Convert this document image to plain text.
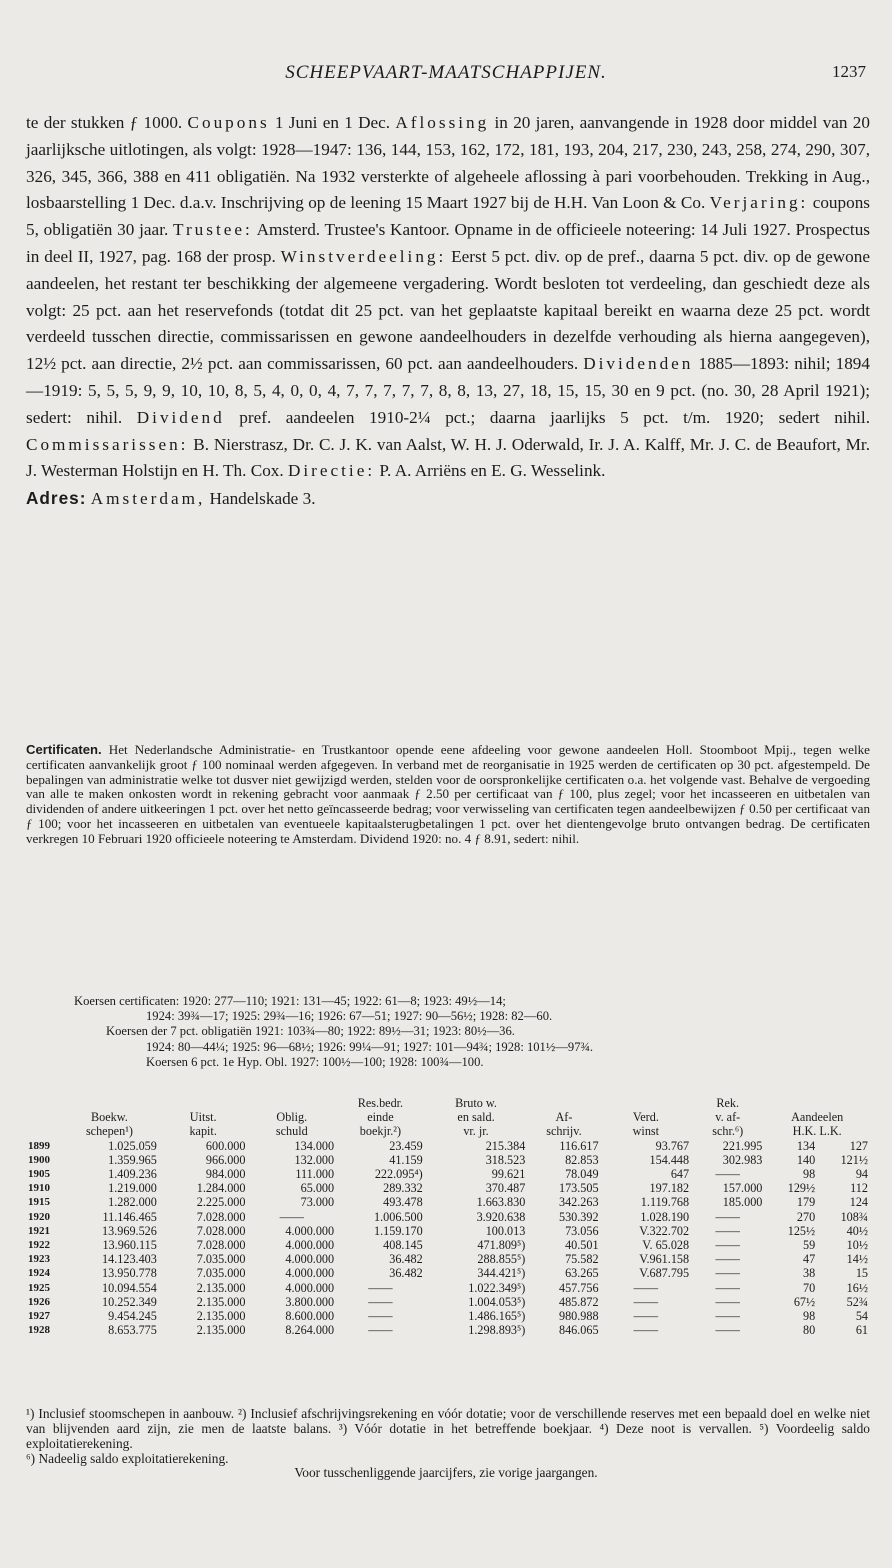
SCHEEPVAART-MAATSCHAPPIJEN.	1237

te der stukken ƒ 1000. Coupons 1 Juni en 1 Dec. Aflossing in 20 jaren, aanvangende in 1928 door middel van 20 jaarlijksche uitlotingen, als volgt: 1928—1947: 136, 144, 153, 162, 172, 181, 193, 204, 217, 230, 243, 258, 274, 290, 307, 326, 345, 366, 388 en 411 obligatiën. Na 1932 versterkte of algeheele aflossing à pari voorbehouden. Trekking in Aug., losbaarstelling 1 Dec. d.a.v. Inschrijving op de leening 15 Maart 1927 bij de H.H. Van Loon & Co. Verjaring: coupons 5, obligatiën 30 jaar. Trustee: Amsterd. Trustee's Kantoor. Opname in de officieele noteering: 14 Juli 1927. Prospectus in deel II, 1927, pag. 168 der prosp. Winstverdeeling: Eerst 5 pct. div. op de pref., daarna 5 pct. div. op de gewone aandeelen, het restant ter beschikking der algemeene vergadering. Wordt besloten tot verdeeling, dan geschiedt deze als volgt: 25 pct. aan het reservefonds (totdat dit 25 pct. van het geplaatste kapitaal bereikt en waarna deze 25 pct. wordt verdeeld tusschen directie, commissarissen en gewone aandeelhouders in dezelfde verhouding als hierna aangegeven), 12½ pct. aan directie, 2½ pct. aan commissarissen, 60 pct. aan aandeelhouders. Dividenden 1885—1893: nihil; 1894—1919: 5, 5, 5, 9, 9, 10, 10, 8, 5, 4, 0, 0, 4, 7, 7, 7, 7, 7, 8, 8, 13, 27, 18, 15, 15, 30 en 9 pct. (no. 30, 28 April 1921); sedert: nihil. Dividend pref. aandeelen 1910-2¼ pct.; daarna jaarlijks 5 pct. t/m. 1920; sedert nihil. Commissarissen: B. Nierstrasz, Dr. C. J. K. van Aalst, W. H. J. Oderwald, Ir. J. A. Kalff, Mr. J. C. de Beaufort, Mr. J. Westerman Holstijn en H. Th. Cox. Directie: P. A. Arriëns en E. G. Wesselink.

Adres: Amsterdam, Handelskade 3.

Certificaten. Het Nederlandsche Administratie- en Trustkantoor opende eene afdeeling voor gewone aandeelen Holl. Stoomboot Mpij., tegen welke certificaten aanvankelijk groot ƒ 100 nominaal werden afgegeven. In verband met de reorganisatie in 1925 werden de certificaten op 30 pct. afgestempeld. De bepalingen van administratie welke tot dusver niet gewijzigd werden, stelden voor de oorspronkelijke certificaten o.a. het volgende vast. Behalve de vergoeding van alle te maken onkosten wordt in rekening gebracht voor aanmaak ƒ 2.50 per certificaat van ƒ 100, plus zegel; voor het incasseeren en uitbetalen van dividenden of andere uitkeeringen 1 pct. over het netto geïncasseerde bedrag; voor verwisseling van certificaten tegen aandeelbewijzen ƒ 0.50 per certificaat van ƒ 100; voor het incasseeren en uitbetalen van eventueele kapitaalsterugbetalingen 1 pct. over het dientengevolge bruto ontvangen bedrag. De certificaten verkregen 10 Februari 1920 officieele noteering te Amsterdam. Dividend 1920: no. 4 ƒ 8.91, sedert: nihil.

Koersen certificaten: 1920: 277—110; 1921: 131—45; 1922: 61—8; 1923: 49½—14;

1924: 39¾—17; 1925: 29¾—16; 1926: 67—51; 1927: 90—56½; 1928: 82—60.

Koersen der 7 pct. obligatiën 1921: 103¾—80; 1922: 89½—31; 1923: 80½—36.

1924: 80—44¼; 1925: 96—68½; 1926: 99¼—91; 1927: 101—94¾; 1928: 101½—97¾.

Koersen 6 pct. 1e Hyp. Obl. 1927: 100½—100; 1928: 100¾—100.

				Res.bedr.	Bruto w.			Rek.		
	Boekw.	Uitst.	Oblig.	einde	en sald.	Af-	Verd.	v. af-	Aandeelen	
	schepen¹)	kapit.	schuld	boekjr.²)	vr. jr.	schrijv.	winst	schr.⁶)	H.K. L.K.	
1899	1.025.059	600.000	134.000	23.459	215.384	116.617	93.767	221.995	134	127
1900	1.359.965	966.000	132.000	41.159	318.523	82.853	154.448	302.983	140	121½
1905	1.409.236	984.000	111.000	222.095⁴)	99.621	78.049	647	——	98	94
1910	1.219.000	1.284.000	65.000	289.332	370.487	173.505	197.182	157.000	129½	112
1915	1.282.000	2.225.000	73.000	493.478	1.663.830	342.263	1.119.768	185.000	179	124
1920	11.146.465	7.028.000	——	1.006.500	3.920.638	530.392	1.028.190	——	270	108¾
1921	13.969.526	7.028.000	4.000.000	1.159.170	100.013	73.056	V.322.702	——	125½	40½
1922	13.960.115	7.028.000	4.000.000	408.145	471.809⁵)	40.501	V. 65.028	——	59	10½
1923	14.123.403	7.035.000	4.000.000	36.482	288.855⁵)	75.582	V.961.158	——	47	14½
1924	13.950.778	7.035.000	4.000.000	36.482	344.421⁵)	63.265	V.687.795	——	38	15
1925	10.094.554	2.135.000	4.000.000	——	1.022.349⁵)	457.756	——	——	70	16½
1926	10.252.349	2.135.000	3.800.000	——	1.004.053⁵)	485.872	——	——	67½	52¾
1927	9.454.245	2.135.000	8.600.000	——	1.486.165⁵)	980.988	——	——	98	54
1928	8.653.775	2.135.000	8.264.000	——	1.298.893⁵)	846.065	——	——	80	61

¹) Inclusief stoomschepen in aanbouw. ²) Inclusief afschrijvingsrekening en vóór dotatie; voor de verschillende reserves met een bepaald doel en welke niet van blijvenden aard zijn, zie men de laatste balans. ³) Vóór dotatie in het betreffende boekjaar. ⁴) Deze noot is vervallen. ⁵) Voordeelig saldo exploitatierekening.

⁶) Nadeelig saldo exploitatierekening.

Voor tusschenliggende jaarcijfers, zie vorige jaargangen.
